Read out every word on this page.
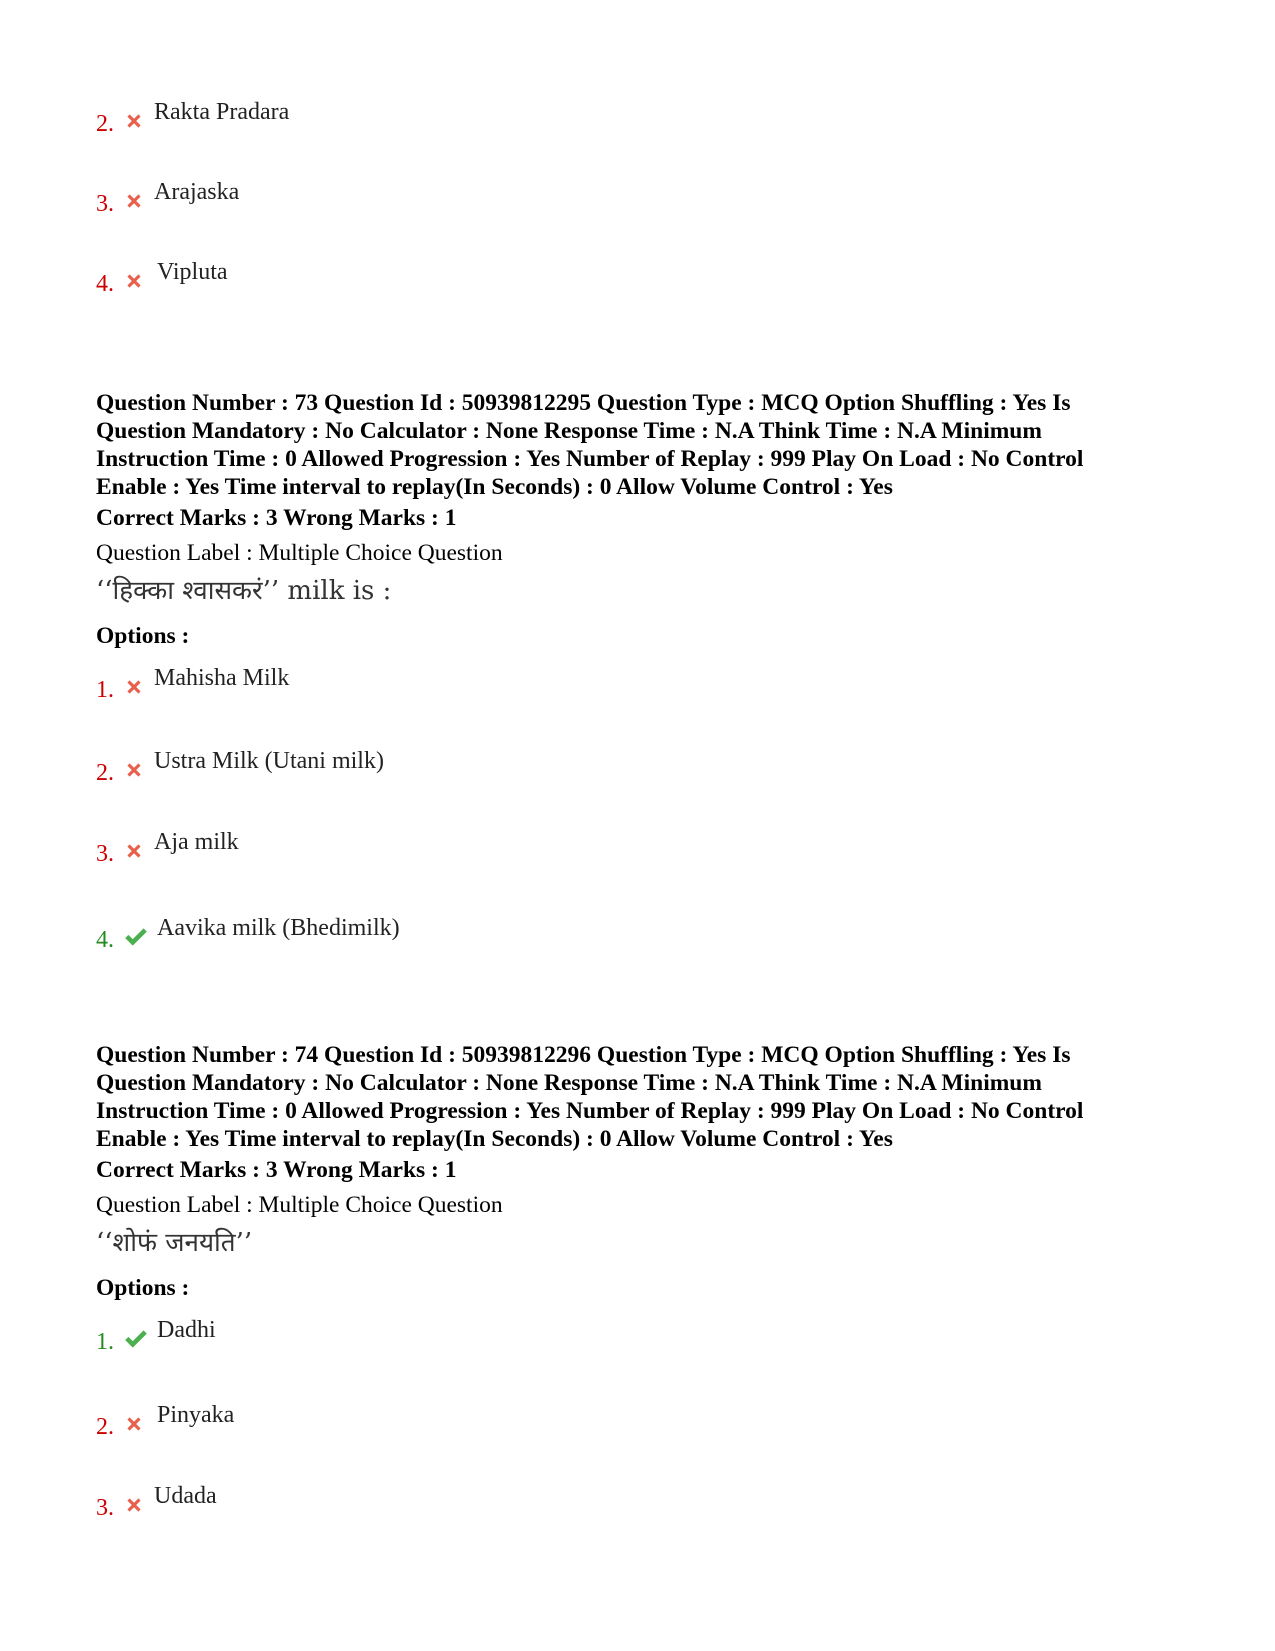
2. Rakta Pradara
3. Arajaska
4. Vipluta
Question Number : 73 Question Id : 50939812295 Question Type : MCQ Option Shuffling : Yes Is
Question Mandatory : No Calculator : None Response Time : N.A Think Time : N.A Minimum
Instruction Time : 0 Allowed Progression : Yes Number of Replay : 999 Play On Load : No Control
Enable : Yes Time interval to replay(In Seconds) : 0 Allow Volume Control : Yes
Correct Marks : 3 Wrong Marks : 1
Question Label : Multiple Choice Question
‘‘हिक्का श्वासकरं’’ milk is :
Options :
1. Mahisha Milk
2. Ustra Milk (Utani milk)
3. Aja milk
4. Aavika milk (Bhedimilk)
Question Number : 74 Question Id : 50939812296 Question Type : MCQ Option Shuffling : Yes Is
Question Mandatory : No Calculator : None Response Time : N.A Think Time : N.A Minimum
Instruction Time : 0 Allowed Progression : Yes Number of Replay : 999 Play On Load : No Control
Enable : Yes Time interval to replay(In Seconds) : 0 Allow Volume Control : Yes
Correct Marks : 3 Wrong Marks : 1
Question Label : Multiple Choice Question
‘‘शोफं जनयति’’
Options :
1. Dadhi
2. Pinyaka
3. Udada
